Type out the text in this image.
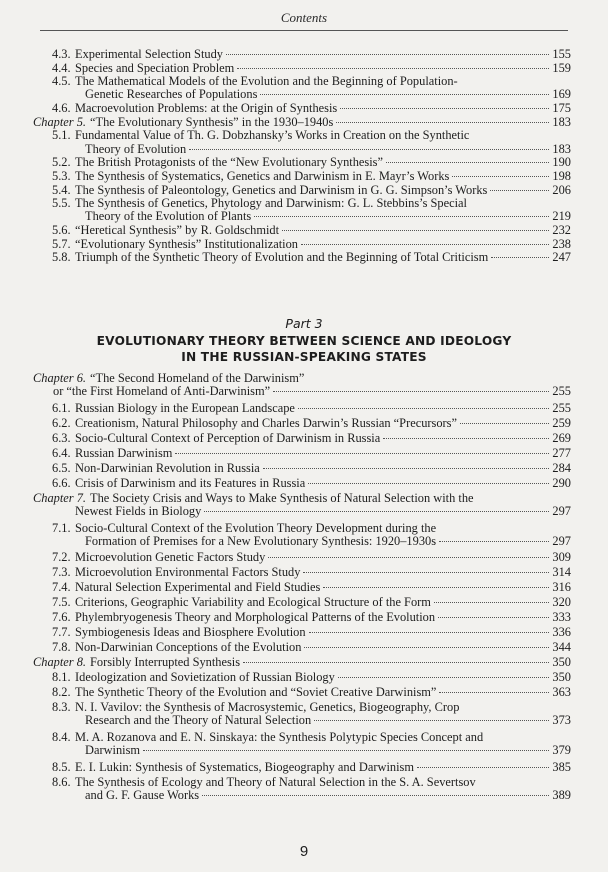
Contents
4.3. Experimental Selection Study	155
4.4. Species and Speciation Problem	159
4.5. The Mathematical Models of the Evolution and the Beginning of Population-
Genetic Researches of Populations	169
4.6. Macroevolution Problems: at the Origin of Synthesis	175
Chapter 5. “The Evolutionary Synthesis” in the 1930–1940s	183
5.1. Fundamental Value of Th. G. Dobzhansky’s Works in Creation on the Synthetic
Theory of Evolution	183
5.2. The British Protagonists of the “New Evolutionary Synthesis”	190
5.3. The Synthesis of Systematics, Genetics and Darwinism in E. Mayr’s Works	198
5.4. The Synthesis of Paleontology, Genetics and Darwinism in G. G. Simpson’s Works	206
5.5. The Synthesis of Genetics, Phytology and Darwinism: G. L. Stebbins’s Special
Theory of the Evolution of Plants	219
5.6. “Heretical Synthesis” by R. Goldschmidt	232
5.7. “Evolutionary Synthesis” Institutionalization	238
5.8. Triumph of the Synthetic Theory of Evolution and the Beginning of Total Criticism	247
Part 3
EVOLUTIONARY THEORY BETWEEN SCIENCE AND IDEOLOGY
IN THE RUSSIAN-SPEAKING STATES
Chapter 6. “The Second Homeland of the Darwinism”
or “the First Homeland of Anti-Darwinism”	255
6.1. Russian Biology in the European Landscape	255
6.2. Creationism, Natural Philosophy and Charles Darwin’s Russian “Precursors”	259
6.3. Socio-Cultural Context of Perception of Darwinism in Russia	269
6.4. Russian Darwinism	277
6.5. Non-Darwinian Revolution in Russia	284
6.6. Crisis of Darwinism and its Features in Russia	290
Chapter 7. The Society Crisis and Ways to Make Synthesis of Natural Selection with the
Newest Fields in Biology	297
7.1. Socio-Cultural Context of the Evolution Theory Development during the
Formation of Premises for a New Evolutionary Synthesis: 1920–1930s	297
7.2. Microevolution Genetic Factors Study	309
7.3. Microevolution Environmental Factors Study	314
7.4. Natural Selection Experimental and Field Studies	316
7.5. Criterions, Geographic Variability and Ecological Structure of the Form	320
7.6. Phylembryogenesis Theory and Morphological Patterns of the Evolution	333
7.7. Symbiogenesis Ideas and Biosphere Evolution	336
7.8. Non-Darwinian Conceptions of the Evolution	344
Chapter 8. Forsibly Interrupted Synthesis	350
8.1. Ideologization and Sovietization of Russian Biology	350
8.2. The Synthetic Theory of the Evolution and “Soviet Creative Darwinism”	363
8.3. N. I. Vavilov: the Synthesis of Macrosystemic, Genetics, Biogeography, Crop
Research and the Theory of Natural Selection	373
8.4. M. A. Rozanova and E. N. Sinskaya: the Synthesis Polytypic Species Concept and
Darwinism	379
8.5. E. I. Lukin: Synthesis of Systematics, Biogeography and Darwinism	385
8.6. The Synthesis of Ecology and Theory of Natural Selection in the S. A. Severtsov
and G. F. Gause Works	389
9
